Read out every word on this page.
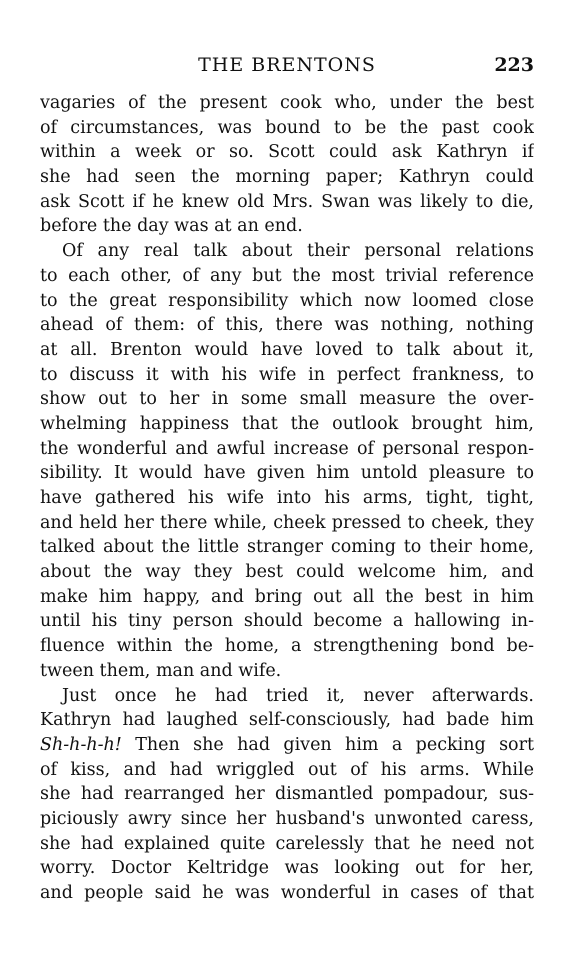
THE BRENTONS	223
vagaries of the present cook who, under the best
of circumstances, was bound to be the past cook
within a week or so. Scott could ask Kathryn if
she had seen the morning paper; Kathryn could
ask Scott if he knew old Mrs. Swan was likely to die,
before the day was at an end.
Of any real talk about their personal relations
to each other, of any but the most trivial reference
to the great responsibility which now loomed close
ahead of them: of this, there was nothing, nothing
at all. Brenton would have loved to talk about it,
to discuss it with his wife in perfect frankness, to
show out to her in some small measure the over-
whelming happiness that the outlook brought him,
the wonderful and awful increase of personal respon-
sibility. It would have given him untold pleasure to
have gathered his wife into his arms, tight, tight,
and held her there while, cheek pressed to cheek, they
talked about the little stranger coming to their home,
about the way they best could welcome him, and
make him happy, and bring out all the best in him
until his tiny person should become a hallowing in-
fluence within the home, a strengthening bond be-
tween them, man and wife.
Just once he had tried it, never afterwards.
Kathryn had laughed self-consciously, had bade him
Sh-h-h-h! Then she had given him a pecking sort
of kiss, and had wriggled out of his arms. While
she had rearranged her dismantled pompadour, sus-
piciously awry since her husband's unwonted caress,
she had explained quite carelessly that he need not
worry. Doctor Keltridge was looking out for her,
and people said he was wonderful in cases of that
